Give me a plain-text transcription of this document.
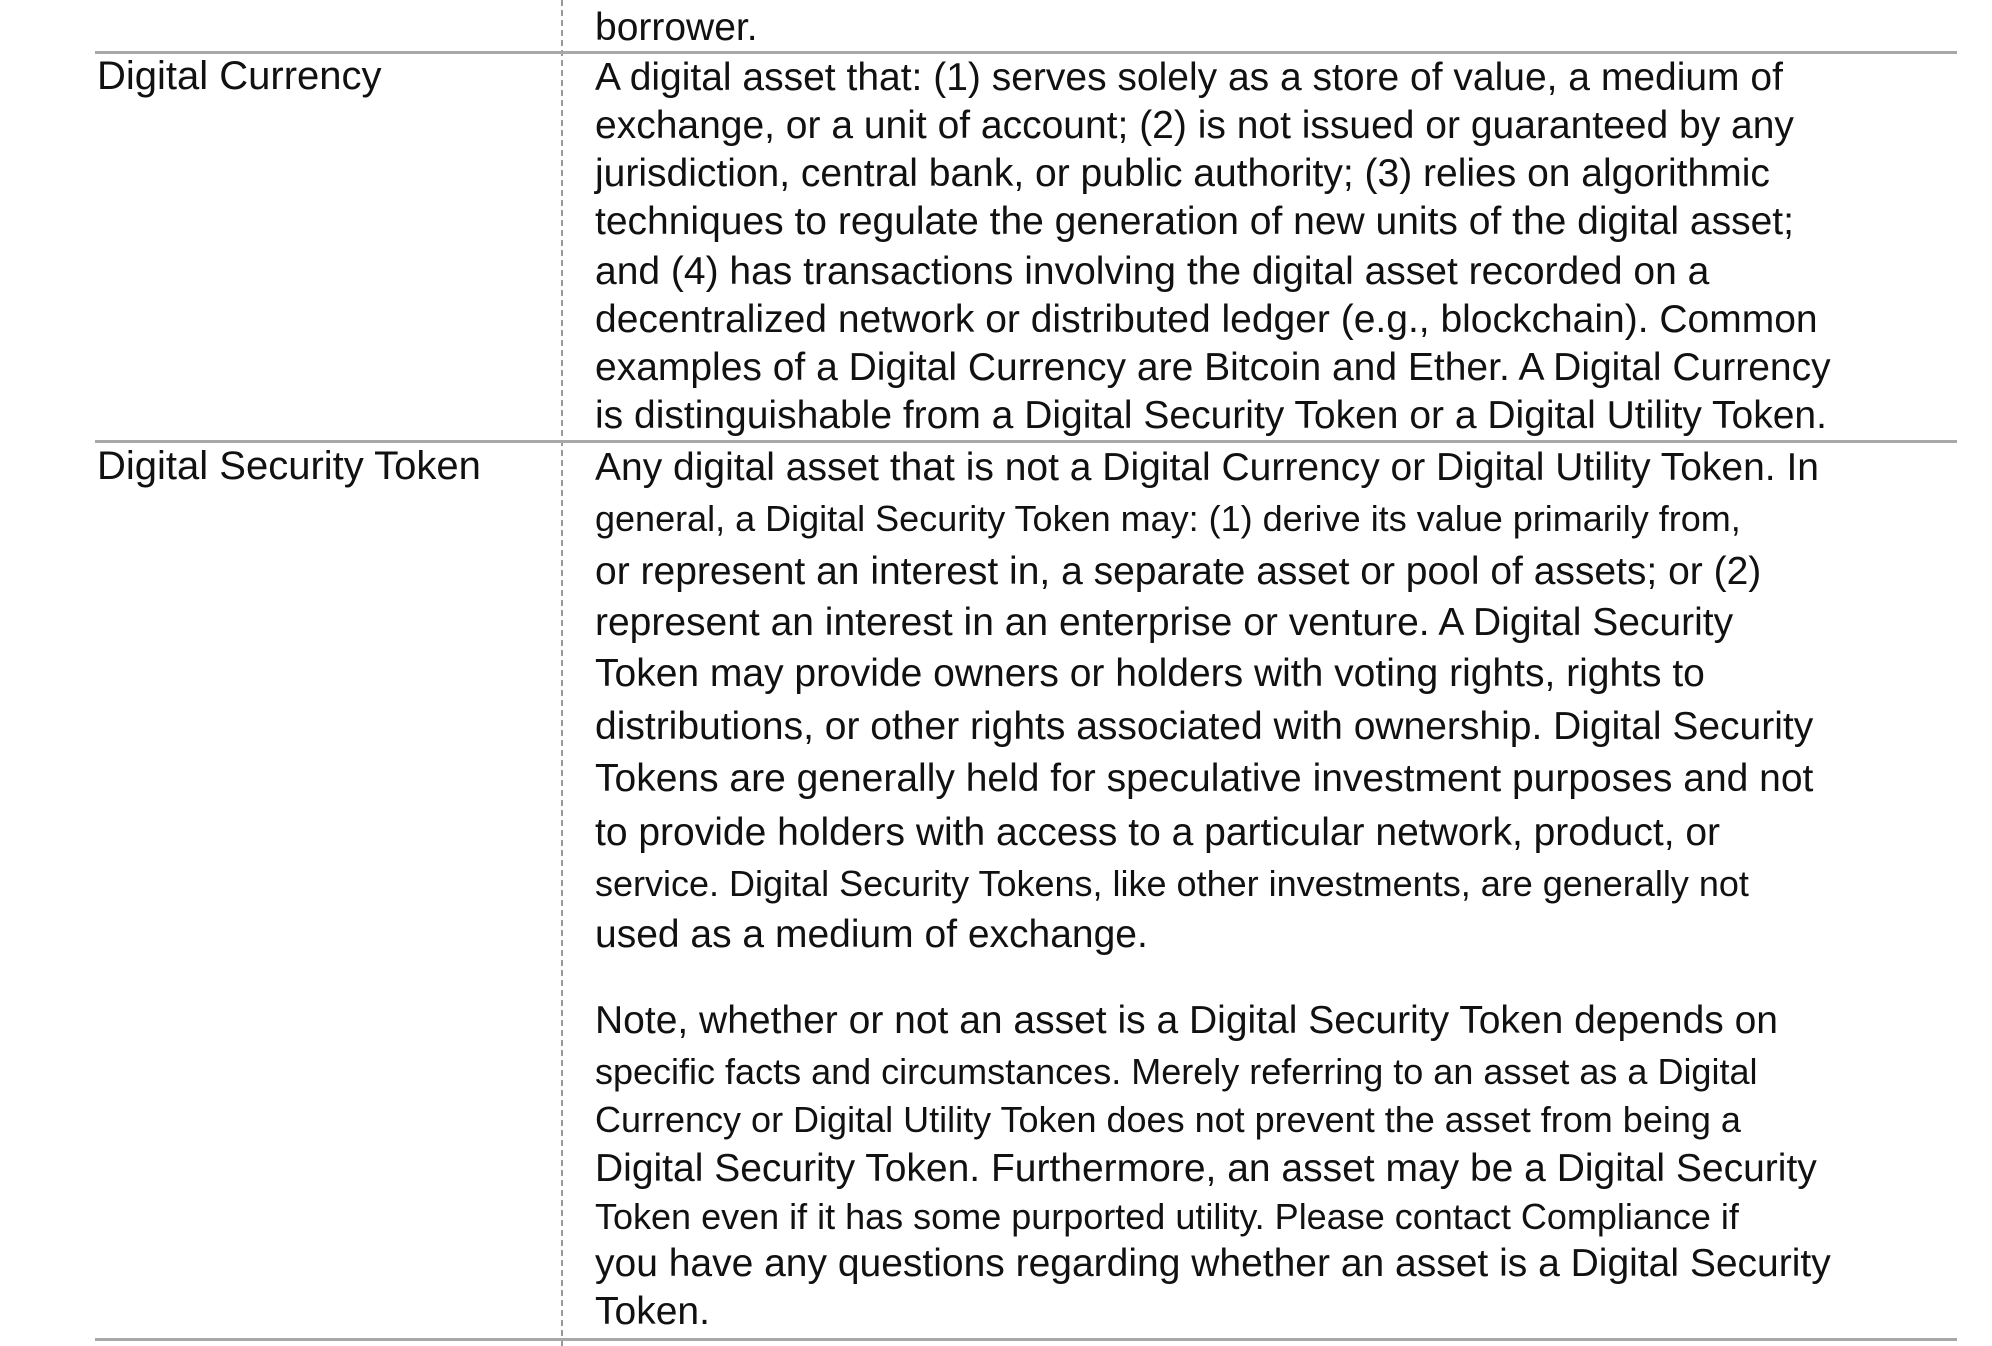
borrower.
Digital Currency	A digital asset that: (1) serves solely as a store of value, a medium of
exchange, or a unit of account; (2) is not issued or guaranteed by any
jurisdiction, central bank, or public authority; (3) relies on algorithmic
techniques to regulate the generation of new units of the digital asset;
and (4) has transactions involving the digital asset recorded on a
decentralized network or distributed ledger (e.g., blockchain). Common
examples of a Digital Currency are Bitcoin and Ether. A Digital Currency
is distinguishable from a Digital Security Token or a Digital Utility Token.
Digital Security Token	Any digital asset that is not a Digital Currency or Digital Utility Token. In
general, a Digital Security Token may: (1) derive its value primarily from,
or represent an interest in, a separate asset or pool of assets; or (2)
represent an interest in an enterprise or venture. A Digital Security
Token may provide owners or holders with voting rights, rights to
distributions, or other rights associated with ownership. Digital Security
Tokens are generally held for speculative investment purposes and not
to provide holders with access to a particular network, product, or
service. Digital Security Tokens, like other investments, are generally not
used as a medium of exchange.
Note, whether or not an asset is a Digital Security Token depends on
specific facts and circumstances. Merely referring to an asset as a Digital
Currency or Digital Utility Token does not prevent the asset from being a
Digital Security Token. Furthermore, an asset may be a Digital Security
Token even if it has some purported utility. Please contact Compliance if
you have any questions regarding whether an asset is a Digital Security
Token.
